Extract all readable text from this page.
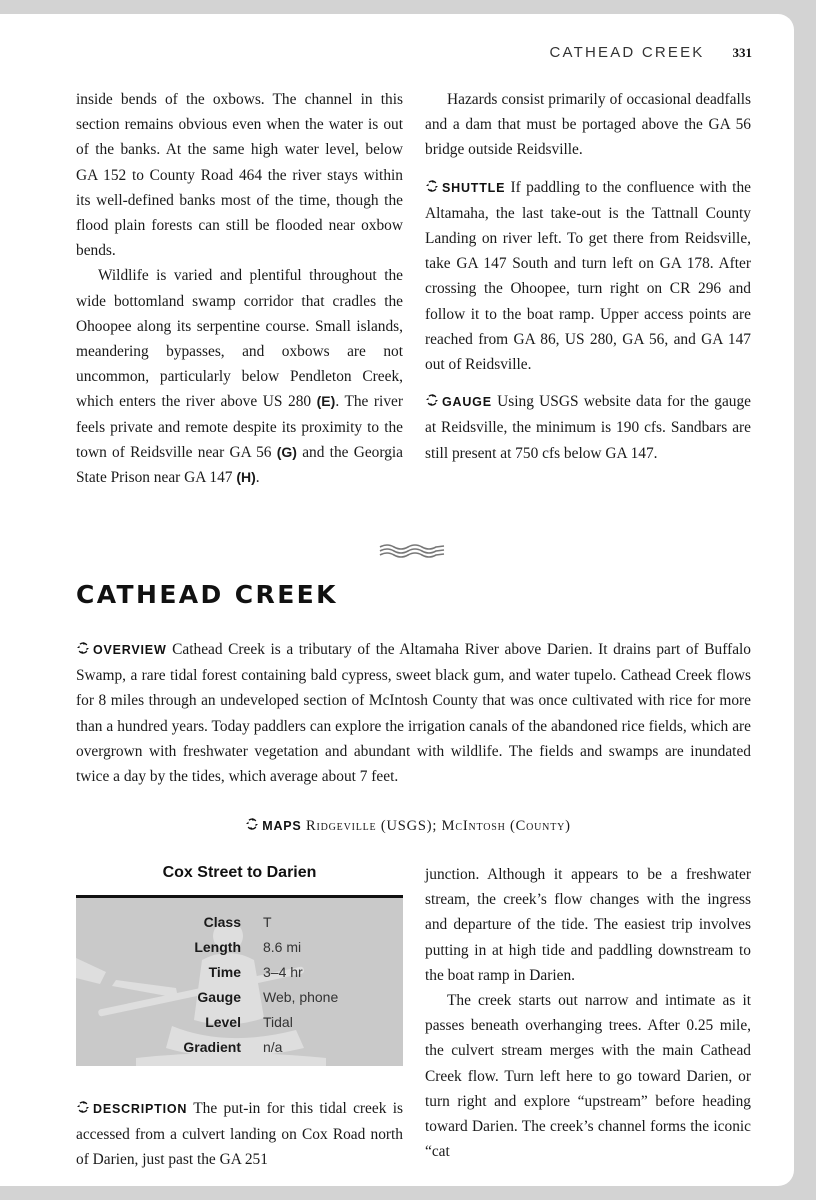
CATHEAD CREEK 331

inside bends of the oxbows. The channel in this section remains obvious even when the water is out of the banks. At the same high water level, below GA 152 to County Road 464 the river stays within its well-defined banks most of the time, though the flood plain forests can still be flooded near oxbow bends.

Wildlife is varied and plentiful throughout the wide bottomland swamp corridor that cradles the Ohoopee along its serpentine course. Small islands, meandering bypasses, and oxbows are not uncommon, particularly below Pendleton Creek, which enters the river above US 280 (E). The river feels private and remote despite its proximity to the town of Reidsville near GA 56 (G) and the Georgia State Prison near GA 147 (H).

Hazards consist primarily of occasional deadfalls and a dam that must be portaged above the GA 56 bridge outside Reidsville.

SHUTTLE If paddling to the confluence with the Altamaha, the last take-out is the Tattnall County Landing on river left. To get there from Reidsville, take GA 147 South and turn left on GA 178. After crossing the Ohoopee, turn right on CR 296 and follow it to the boat ramp. Upper access points are reached from GA 86, US 280, GA 56, and GA 147 out of Reidsville.

GAUGE Using USGS website data for the gauge at Reidsville, the minimum is 190 cfs. Sandbars are still present at 750 cfs below GA 147.

CATHEAD CREEK

OVERVIEW Cathead Creek is a tributary of the Altamaha River above Darien. It drains part of Buffalo Swamp, a rare tidal forest containing bald cypress, sweet black gum, and water tupelo. Cathead Creek flows for 8 miles through an undeveloped section of McIntosh County that was once cultivated with rice for more than a hundred years. Today paddlers can explore the irrigation canals of the abandoned rice fields, which are overgrown with freshwater vegetation and abundant with wildlife. The fields and swamps are inundated twice a day by the tides, which average about 7 feet.

MAPS Ridgeville (USGS); McIntosh (County)
Cox Street to Darien
Class T
Length 8.6 mi
Time 3–4 hr
Gauge Web, phone
Level Tidal
Gradient n/a

DESCRIPTION The put-in for this tidal creek is accessed from a culvert landing on Cox Road north of Darien, just past the GA 251

junction. Although it appears to be a freshwater stream, the creek’s flow changes with the ingress and departure of the tide. The easiest trip involves putting in at high tide and paddling downstream to the boat ramp in Darien.

The creek starts out narrow and intimate as it passes beneath overhanging trees. After 0.25 mile, the culvert stream merges with the main Cathead Creek flow. Turn left here to go toward Darien, or turn right and explore “upstream” before heading toward Darien. The creek’s channel forms the iconic “cat
